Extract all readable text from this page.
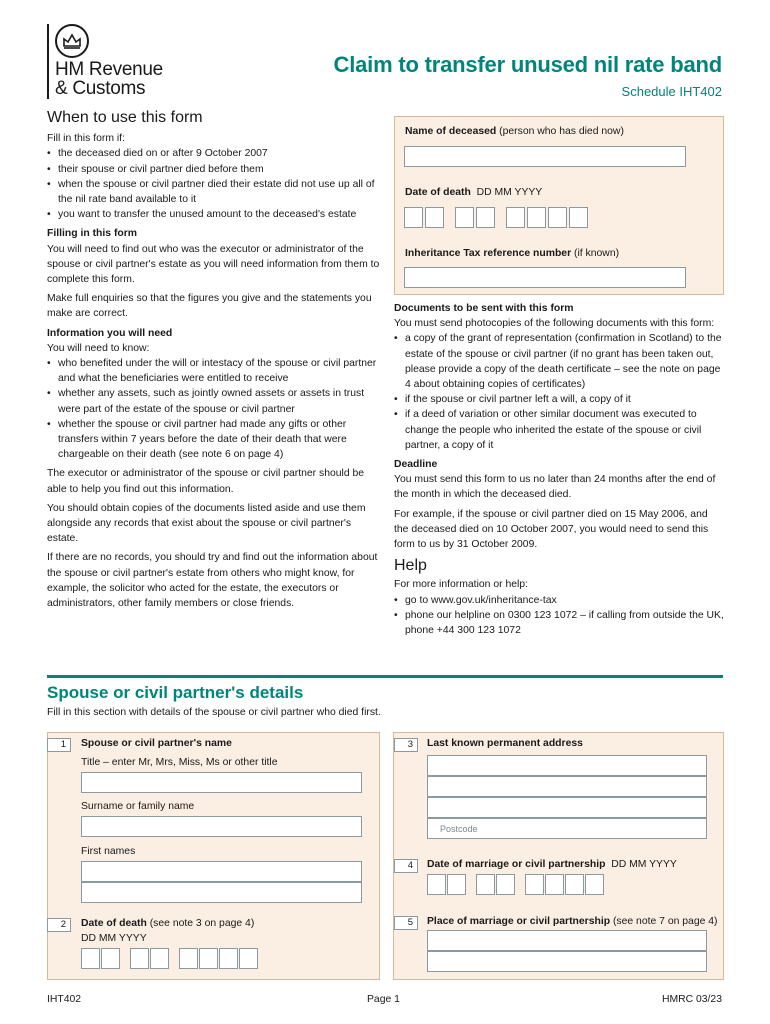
HM Revenue
& Customs
Claim to transfer unused nil rate band
Schedule IHT402
When to use this form
Fill in this form if:
• the deceased died on or after 9 October 2007
• their spouse or civil partner died before them
• when the spouse or civil partner died their estate did not use up all of the nil rate band available to it
• you want to transfer the unused amount to the deceased's estate
Filling in this form

You will need to find out who was the executor or administrator of the spouse or civil partner's estate as you will need information from them to complete this form.

Make full enquiries so that the figures you give and the statements you make are correct.

Information you will need
You will need to know:
• who benefited under the will or intestacy of the spouse or civil partner and what the beneficiaries were entitled to receive
• whether any assets, such as jointly owned assets or assets in trust were part of the estate of the spouse or civil partner
• whether the spouse or civil partner had made any gifts or other transfers within 7 years before the date of their death that were chargeable on their death (see note 6 on page 4)

The executor or administrator of the spouse or civil partner should be able to help you find out this information.

You should obtain copies of the documents listed aside and use them alongside any records that exist about the spouse or civil partner's estate.

If there are no records, you should try and find out the information about the spouse or civil partner's estate from others who might know, for example, the solicitor who acted for the estate, the executors or administrators, other family members or close friends.

Name of deceased (person who has died now)
Date of death DD MM YYYY
Inheritance Tax reference number (if known)
Documents to be sent with this form
You must send photocopies of the following documents with this form:
• a copy of the grant of representation (confirmation in Scotland) to the estate of the spouse or civil partner (if no grant has been taken out, please provide a copy of the death certificate – see the note on page 4 about obtaining copies of certificates)
• if the spouse or civil partner left a will, a copy of it
• if a deed of variation or other similar document was executed to change the people who inherited the estate of the spouse or civil partner, a copy of it
Deadline

You must send this form to us no later than 24 months after the end of the month in which the deceased died.

For example, if the spouse or civil partner died on 15 May 2006, and the deceased died on 10 October 2007, you would need to send this form to us by 31 October 2009.

Help
For more information or help:
• go to www.gov.uk/inheritance-tax
• phone our helpline on 0300 123 1072 – if calling from outside the UK, phone +44 300 123 1072
Spouse or civil partner's details
Fill in this section with details of the spouse or civil partner who died first.
1	Spouse or civil partner's name
Title – enter Mr, Mrs, Miss, Ms or other title
Surname or family name
First names
2	Date of death (see note 3 on page 4)
DD MM YYYY
3	Last known permanent address
Postcode
4	Date of marriage or civil partnership DD MM YYYY
5	Place of marriage or civil partnership (see note 7 on page 4)
IHT402	Page 1	HMRC 03/23
